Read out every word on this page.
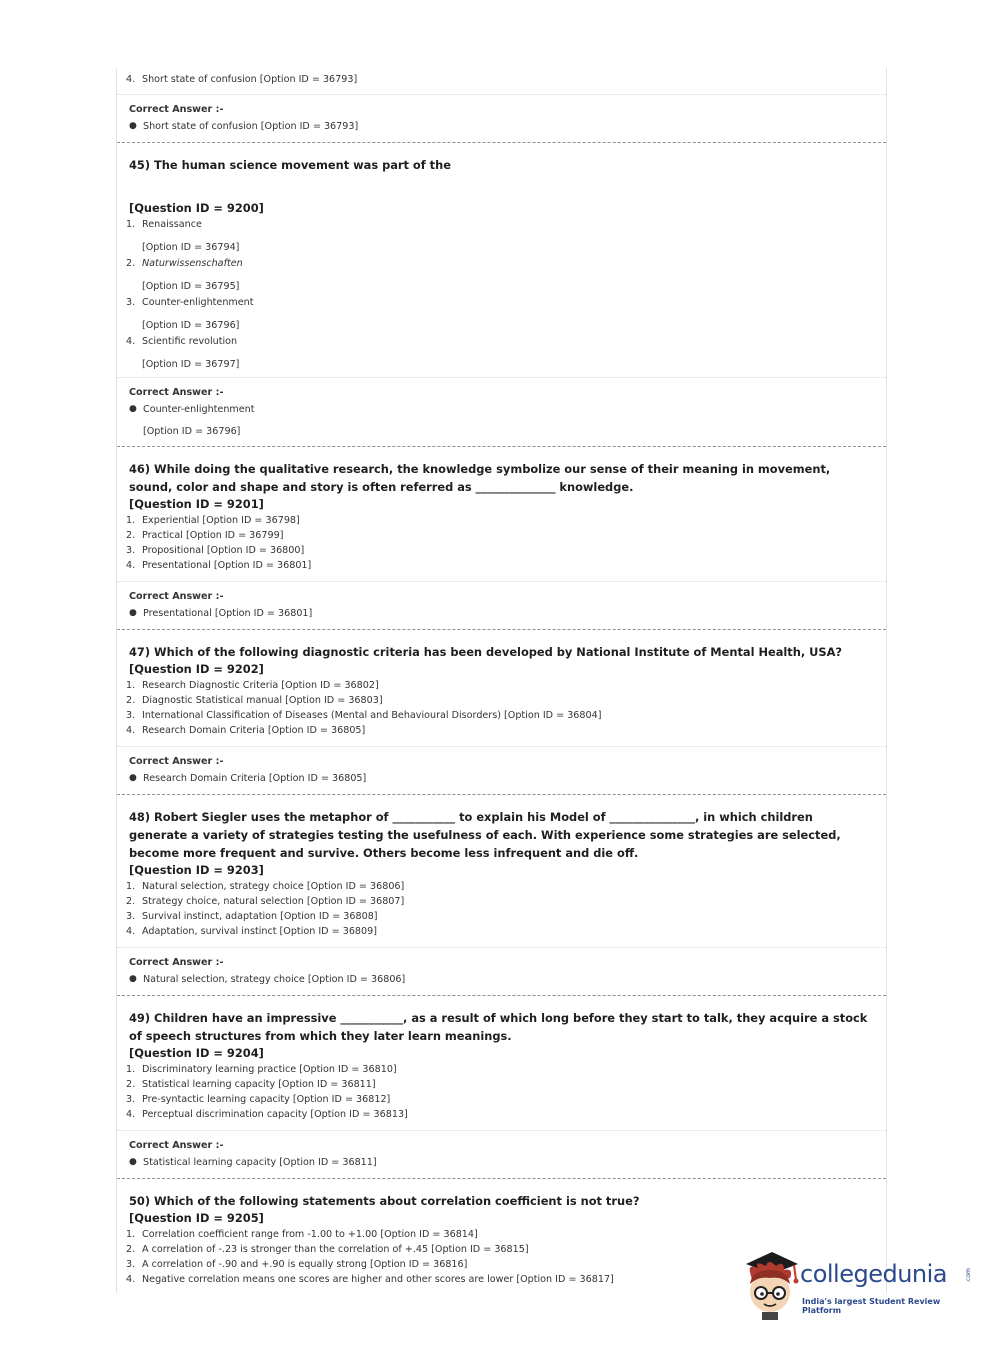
4. Short state of confusion [Option ID = 36793]
Correct Answer :-
● Short state of confusion [Option ID = 36793]
45) The human science movement was part of the
[Question ID = 9200]
1. Renaissance
[Option ID = 36794]
2. Naturwissenschaften
[Option ID = 36795]
3. Counter-enlightenment
[Option ID = 36796]
4. Scientific revolution
[Option ID = 36797]
Correct Answer :-
● Counter-enlightenment
[Option ID = 36796]
46) While doing the qualitative research, the knowledge symbolize our sense of their meaning in movement, sound, color and shape and story is often referred as ______________ knowledge.
[Question ID = 9201]
1. Experiential [Option ID = 36798]
2. Practical [Option ID = 36799]
3. Propositional [Option ID = 36800]
4. Presentational [Option ID = 36801]
Correct Answer :-
● Presentational [Option ID = 36801]
47) Which of the following diagnostic criteria has been developed by National Institute of Mental Health, USA?
[Question ID = 9202]
1. Research Diagnostic Criteria [Option ID = 36802]
2. Diagnostic Statistical manual [Option ID = 36803]
3. International Classification of Diseases (Mental and Behavioural Disorders) [Option ID = 36804]
4. Research Domain Criteria [Option ID = 36805]
Correct Answer :-
● Research Domain Criteria [Option ID = 36805]
48) Robert Siegler uses the metaphor of ___________ to explain his Model of _______________, in which children generate a variety of strategies testing the usefulness of each. With experience some strategies are selected, become more frequent and survive. Others become less infrequent and die off.
[Question ID = 9203]
1. Natural selection, strategy choice [Option ID = 36806]
2. Strategy choice, natural selection [Option ID = 36807]
3. Survival instinct, adaptation [Option ID = 36808]
4. Adaptation, survival instinct [Option ID = 36809]
Correct Answer :-
● Natural selection, strategy choice [Option ID = 36806]
49) Children have an impressive ___________, as a result of which long before they start to talk, they acquire a stock of speech structures from which they later learn meanings.
[Question ID = 9204]
1. Discriminatory learning practice [Option ID = 36810]
2. Statistical learning capacity [Option ID = 36811]
3. Pre-syntactic learning capacity [Option ID = 36812]
4. Perceptual discrimination capacity [Option ID = 36813]
Correct Answer :-
● Statistical learning capacity [Option ID = 36811]
50) Which of the following statements about correlation coefficient is not true?
[Question ID = 9205]
1. Correlation coefficient range from -1.00 to +1.00 [Option ID = 36814]
2. A correlation of -.23 is stronger than the correlation of +.45 [Option ID = 36815]
3. A correlation of -.90 and +.90 is equally strong [Option ID = 36816]
4. Negative correlation means one scores are higher and other scores are lower [Option ID = 36817]	collegedunia	.com
India's largest Student Review Platform
